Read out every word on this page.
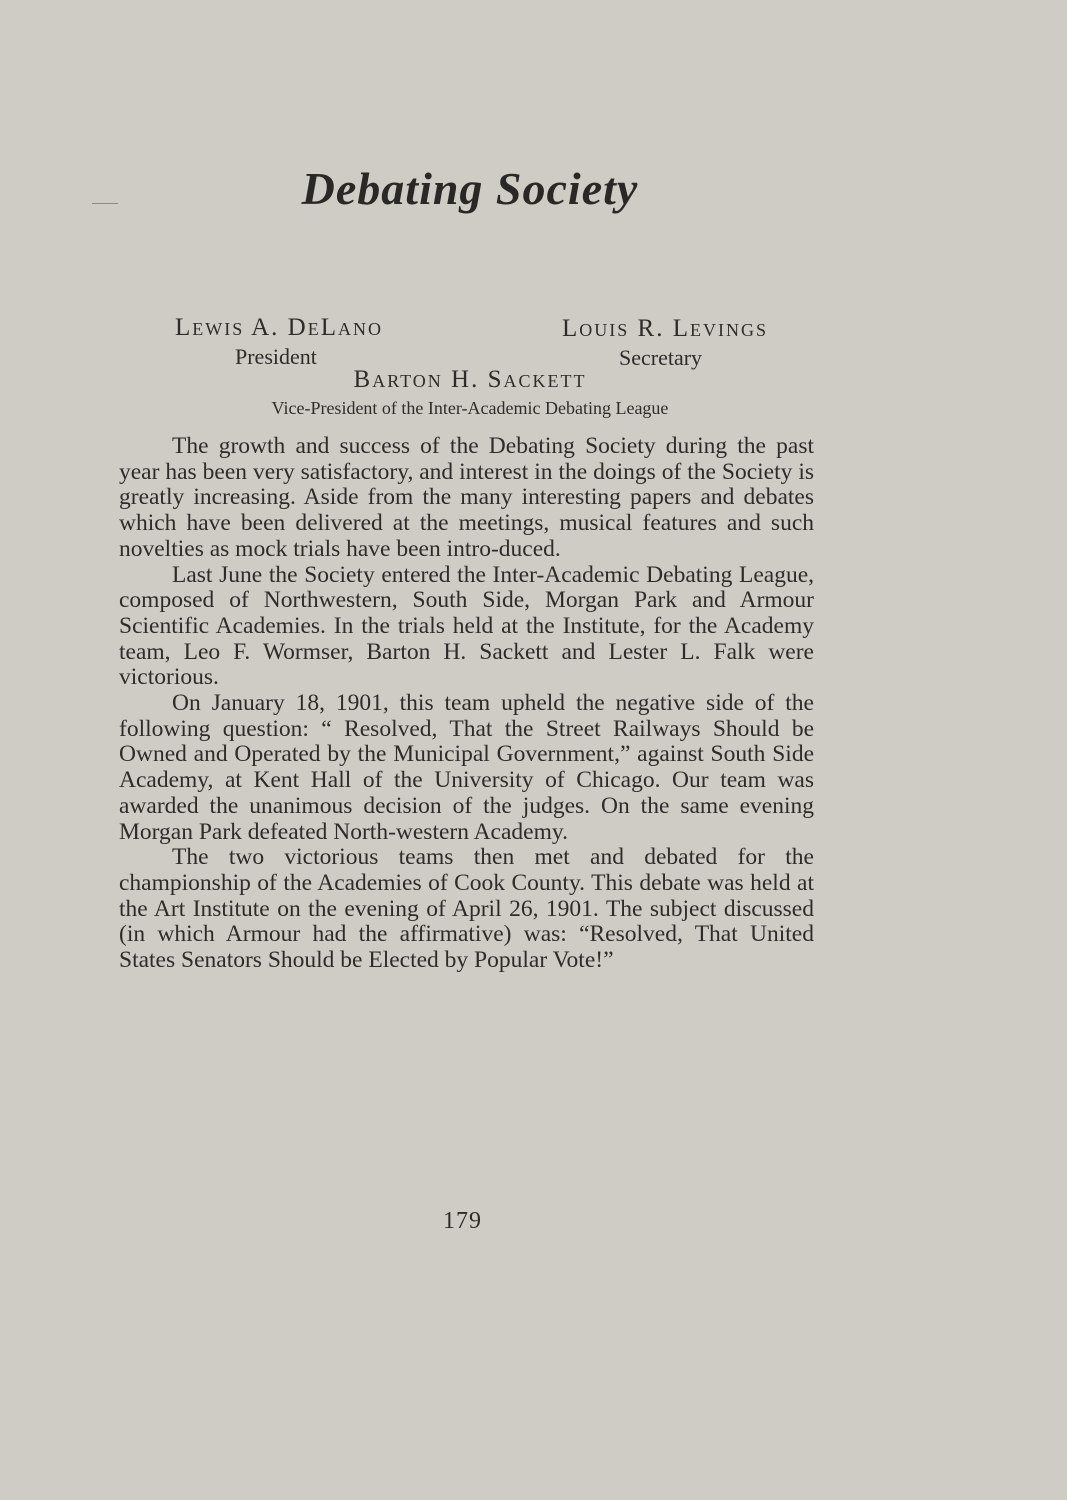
Debating Society
Lewis A. DeLano
President
Louis R. Levings
Secretary
Barton H. Sackett
Vice-President of the Inter-Academic Debating League

The growth and success of the Debating Society during the past year has been very satisfactory, and interest in the doings of the Society is greatly increasing. Aside from the many interesting papers and debates which have been delivered at the meetings, musical features and such novelties as mock trials have been intro-duced.

Last June the Society entered the Inter-Academic Debating League, composed of Northwestern, South Side, Morgan Park and Armour Scientific Academies. In the trials held at the Institute, for the Academy team, Leo F. Wormser, Barton H. Sackett and Lester L. Falk were victorious.

On January 18, 1901, this team upheld the negative side of the following question: “ Resolved, That the Street Railways Should be Owned and Operated by the Municipal Government,” against South Side Academy, at Kent Hall of the University of Chicago. Our team was awarded the unanimous decision of the judges. On the same evening Morgan Park defeated North-western Academy.

The two victorious teams then met and debated for the championship of the Academies of Cook County. This debate was held at the Art Institute on the evening of April 26, 1901. The subject discussed (in which Armour had the affirmative) was: “Resolved, That United States Senators Should be Elected by Popular Vote!”

179
